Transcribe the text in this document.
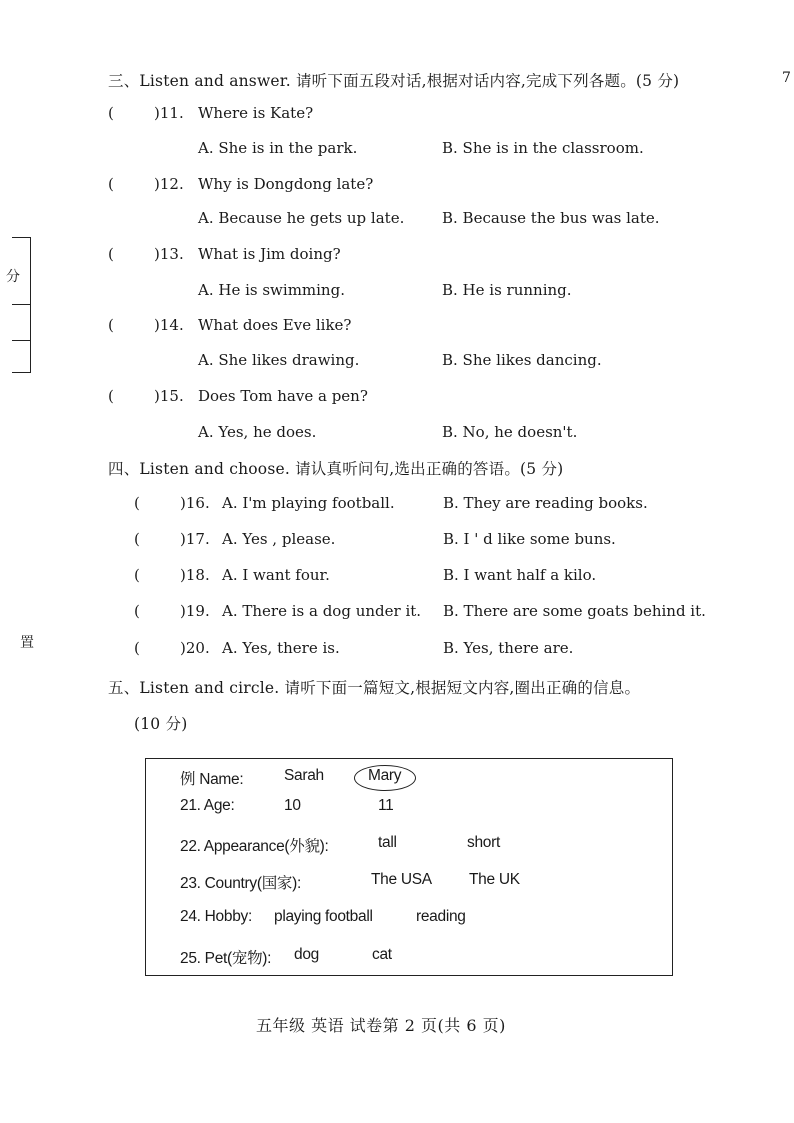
7
分
置
三、Listen and answer. 请听下面五段对话,根据对话内容,完成下列各题。(5 分)
(	)11. Where is Kate?
A. She is in the park.	B. She is in the classroom.
(	)12. Why is Dongdong late?
A. Because he gets up late.	B. Because the bus was late.
(	)13. What is Jim doing?
A. He is swimming.	B. He is running.
(	)14. What does Eve like?
A. She likes drawing.	B. She likes dancing.
(	)15. Does Tom have a pen?
A. Yes, he does.	B. No, he doesn't.
四、Listen and choose. 请认真听问句,选出正确的答语。(5 分)
(	)16. A. I'm playing football.	B. They are reading books.
(	)17. A. Yes , please.	B. I ' d like some buns.
(	)18. A. I want four.	B. I want half a kilo.
(	)19. A. There is a dog under it. B. There are some goats behind it.
(	)20. A. Yes, there is.	B. Yes, there are.
五、Listen and circle. 请听下面一篇短文,根据短文内容,圈出正确的信息。
(10 分)
例 Name:	Sarah	Mary
21. Age:	10	11
22. Appearance(外貌):	tall	short
23. Country(国家):	The USA The UK
24. Hobby: playing football	reading
25. Pet(宠物): dog	cat
五年级 英语 试卷第 2 页(共 6 页)
